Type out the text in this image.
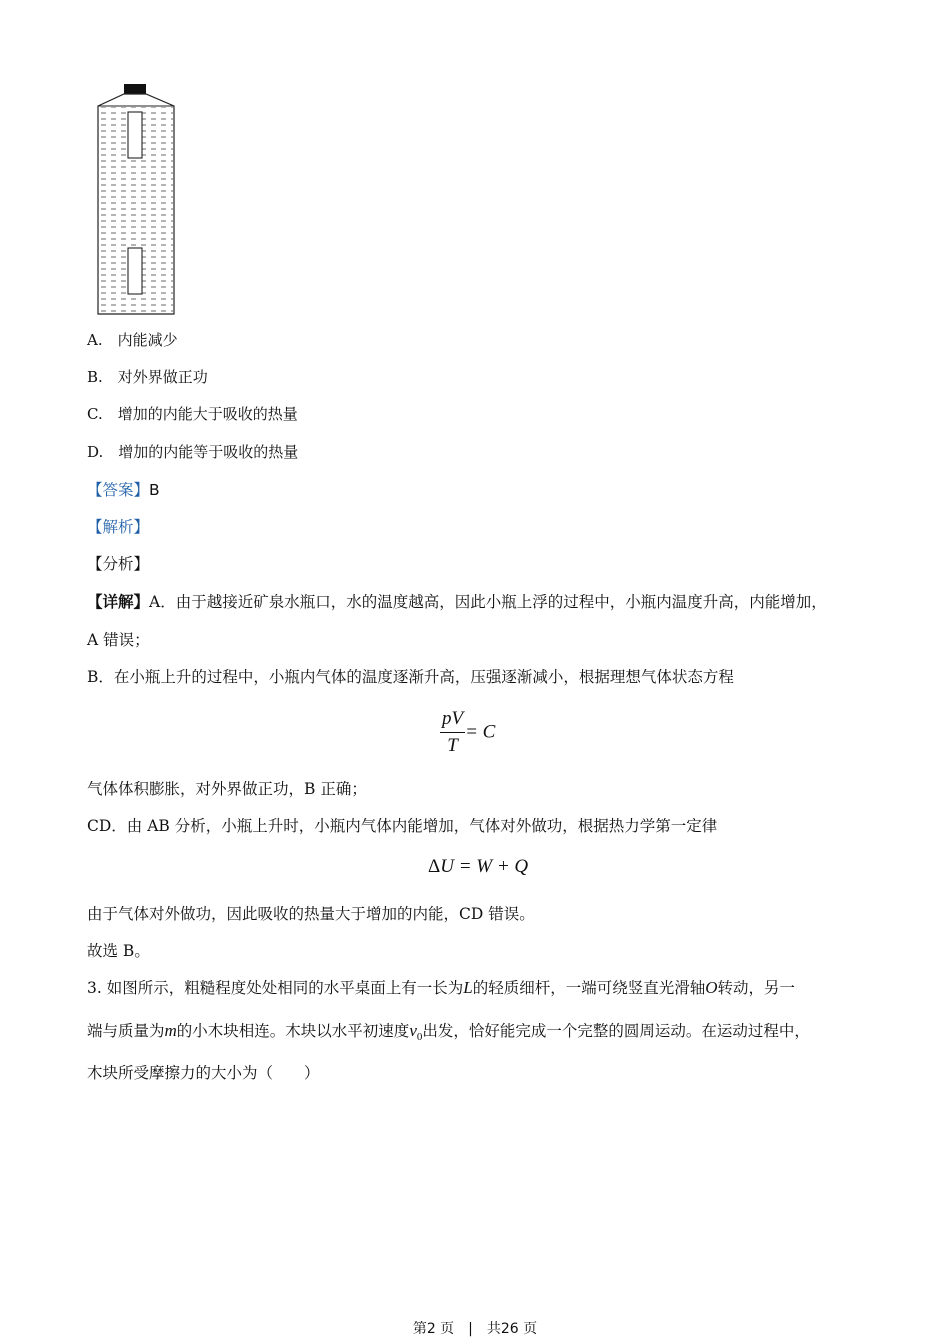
A.　内能减少
B.　对外界做正功
C.　增加的内能大于吸收的热量
D.　增加的内能等于吸收的热量
【答案】B
【解析】
【分析】
【详解】A．由于越接近矿泉水瓶口，水的温度越高，因此小瓶上浮的过程中，小瓶内温度升高，内能增加，
A 错误；
B．在小瓶上升的过程中，小瓶内气体的温度逐渐升高，压强逐渐减小，根据理想气体状态方程
$\frac{pV}{T} = C$
气体体积膨胀，对外界做正功，B 正确；
CD．由 AB 分析，小瓶上升时，小瓶内气体内能增加，气体对外做功，根据热力学第一定律
ΔU = W + Q
由于气体对外做功，因此吸收的热量大于增加的内能，CD 错误。
故选 B。
3. 如图所示，粗糙程度处处相同的水平桌面上有一长为L的轻质细杆，一端可绕竖直光滑轴O转动，另一
端与质量为m的小木块相连。木块以水平初速度$v_0$出发，恰好能完成一个完整的圆周运动。在运动过程中，
木块所受摩擦力的大小为（　　）
第2 页　|　共26 页
